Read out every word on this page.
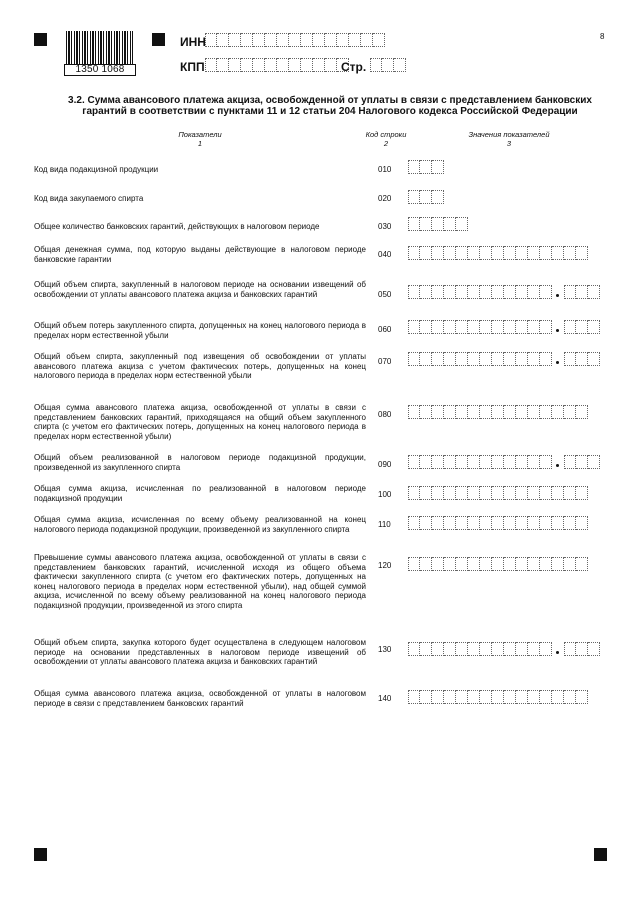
1350 1068
8
ИНН
КПП	Стр.
3.2. Сумма авансового платежа акциза, освобожденной от уплаты в связи с представлением банковских
гарантий в соответствии с пунктами 11 и 12 статьи 204 Налогового кодекса Российской Федерации
Показатели
1
Код строки
2
Значения показателей
3
Код вида подакцизной продукции	010
Код вида закупаемого спирта	020
Общее количество банковских гарантий, действующих в налоговом периоде	030
Общая денежная сумма, под которую выданы действующие в налоговом периоде банковские гарантии
040
Общий объем спирта, закупленный в налоговом периоде на основании извещений об освобождении от уплаты авансового платежа акциза и банковских гарантий	050
Общий объем потерь закупленного спирта, допущенных на конец налогового периода в пределах норм естественной убыли
060
Общий объем спирта, закупленный под извещения об освобождении от уплаты авансового платежа акциза с учетом фактических потерь, допущенных на конец налогового периода в пределах норм естественной убыли
070
Общая сумма авансового платежа акциза, освобожденной от уплаты в связи с представлением банковских гарантий, приходящаяся на общий объем закупленного спирта (с учетом его фактических потерь, допущенных на конец налогового периода в пределах норм естественной убыли)
080
Общий объем реализованной в налоговом периоде подакцизной продукции, произведенной из закупленного спирта	090
Общая сумма акциза, исчисленная по реализованной в налоговом периоде подакцизной продукции	100
Общая сумма акциза, исчисленная по всему объему реализованной на конец налогового периода подакцизной продукции, произведенной из закупленного спирта
110
Превышение суммы авансового платежа акциза, освобожденной от уплаты в связи с представлением банковских гарантий, исчисленной исходя из общего объема фактически закупленного спирта (с учетом его фактических потерь, допущенных на конец налогового периода в пределах норм естественной убыли), над общей суммой акциза, исчисленной по всему объему реализованной на конец налогового периода подакцизной продукции, произведенной из этого спирта
120
Общий объем спирта, закупка которого будет осуществлена в следующем налоговом периоде на основании представленных в налоговом периоде извещений об освобождении от уплаты авансового платежа акциза и банковских гарантий
130
Общая сумма авансового платежа акциза, освобожденной от уплаты в налоговом периоде в связи с представлением банковских гарантий
140
